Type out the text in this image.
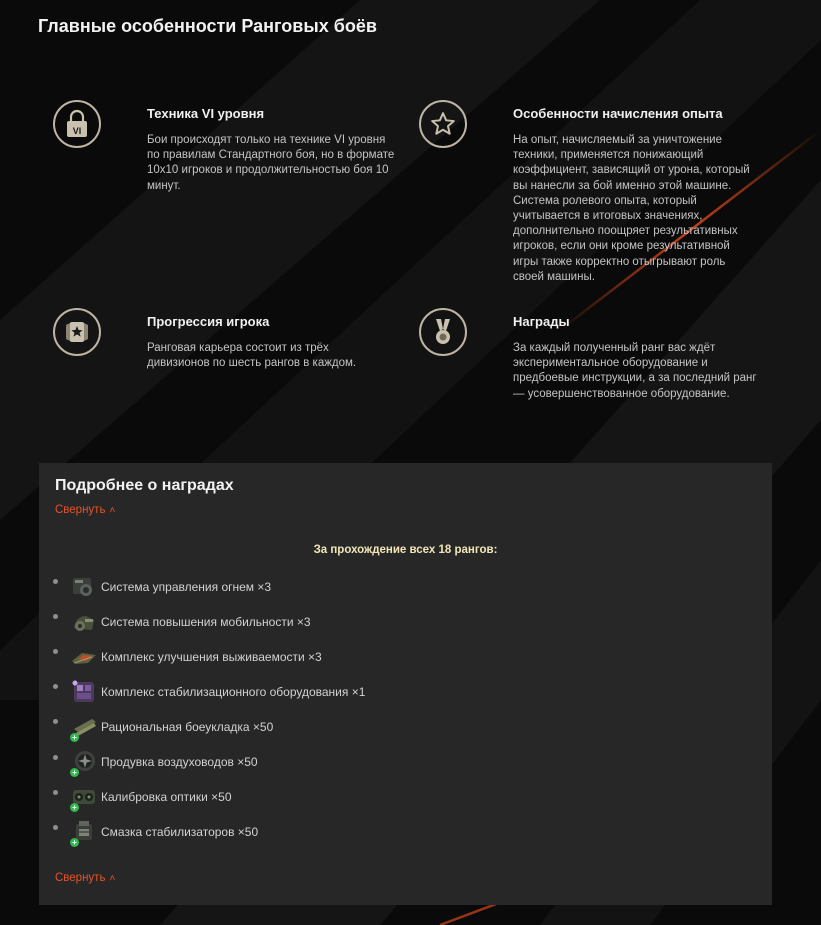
Главные особенности Ранговых боёв
VI
Техника VI уровня

Бои происходят только на технике VI уровня по правилам Стандартного боя, но в формате 10x10 игроков и продолжительностью боя 10 минут.

Особенности начисления опыта

На опыт, начисляемый за уничтожение техники, применяется понижающий коэффициент, зависящий от урона, который вы нанесли за бой именно этой машине. Система ролевого опыта, который учитывается в итоговых значениях, дополнительно поощряет результативных игроков, если они кроме результативной игры также корректно отыгрывают роль своей машины.

Прогрессия игрока

Ранговая карьера состоит из трёх дивизионов по шесть рангов в каждом.

Награды

За каждый полученный ранг вас ждёт экспериментальное оборудование и предбоевые инструкции, а за последний ранг — усовершенствованное оборудование.

Подробнее о наградах
Свернуть ˄
За прохождение всех 18 рангов:
Система управления огнем ×3
Система повышения мобильности ×3
Комплекс улучшения выживаемости ×3
Комплекс стабилизационного оборудования ×1
+
Рациональная боеукладка ×50
+
Продувка воздуховодов ×50
+
Калибровка оптики ×50
+
Смазка стабилизаторов ×50
Свернуть ˄
